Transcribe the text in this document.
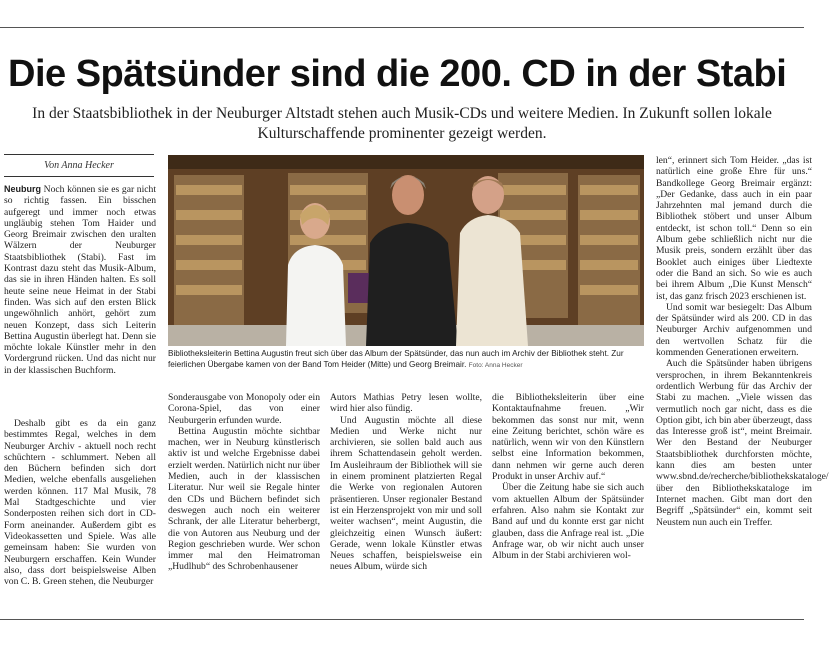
Die Spätsünder sind die 200. CD in der Stabi
In der Staatsbibliothek in der Neuburger Altstadt stehen auch Musik-CDs und weitere Medien. In Zukunft sollen lokale
Kulturschaffende prominenter gezeigt werden.
Von Anna Hecker
Bibliotheksleiterin Bettina Augustin freut sich über das Album der Spätsünder, das nun auch im Archiv der Bibliothek steht. Zur feierlichen Übergabe kamen von der Band Tom Heider (Mitte) und Georg Breimair. Foto: Anna Hecker

Neuburg Noch können sie es gar nicht so richtig fassen. Ein bisschen aufgeregt und immer noch etwas ungläubig stehen Tom Haider und Georg Breimair zwischen den uralten Wälzern der Neuburger Staatsbibliothek (Stabi). Fast im Kontrast dazu steht das Musik-Album, das sie in ihren Händen halten. Es soll heute seine neue Heimat in der Stabi finden. Was sich auf den ersten Blick ungewöhnlich anhört, gehört zum neuen Konzept, dass sich Leiterin Bettina Augustin überlegt hat. Denn sie möchte lokale Künstler mehr in den Vordergrund rücken. Und das nicht nur in der klassischen Buchform.

Deshalb gibt es da ein ganz bestimmtes Regal, welches in dem Neuburger Archiv - aktuell noch recht schüchtern - schlummert. Neben all den Büchern befinden sich dort Medien, welche ebenfalls ausgeliehen werden können. 117 Mal Musik, 78 Mal Stadtgeschichte und vier Sonderposten reihen sich dort in CD-Form aneinander. Außerdem gibt es Videokassetten und Spiele. Was alle gemeinsam haben: Sie wurden von Neuburgern erschaffen. Kein Wunder also, dass dort beispielsweise Alben von C. B. Green stehen, die Neuburger

Sonderausgabe von Monopoly oder ein Corona-Spiel, das von einer Neuburgerin erfunden wurde.

Bettina Augustin möchte sichtbar machen, wer in Neuburg künstlerisch aktiv ist und welche Ergebnisse dabei erzielt werden. Natürlich nicht nur über Medien, auch in der klassischen Literatur. Nur weil sie Regale hinter den CDs und Büchern befindet sich deswegen auch noch ein weiterer Schrank, der alle Literatur beherbergt, die von Autoren aus Neuburg und der Region geschrieben wurde. Wer schon immer mal den Heimatroman „Hudlhub“ des Schrobenhausener

Autors Mathias Petry lesen wollte, wird hier also fündig.

Und Augustin möchte all diese Medien und Werke nicht nur archivieren, sie sollen bald auch aus ihrem Schattendasein geholt werden. Im Ausleihraum der Bibliothek will sie in einem prominent platzierten Regal die Werke von regionalen Autoren präsentieren. Unser regionaler Bestand ist ein Herzensprojekt von mir und soll weiter wachsen“, meint Augustin, die gleichzeitig einen Wunsch äußert: Gerade, wenn lokale Künstler etwas Neues schaffen, beispielsweise ein neues Album, würde sich

die Bibliotheksleiterin über eine Kontaktaufnahme freuen. „Wir bekommen das sonst nur mit, wenn eine Zeitung berichtet, schön wäre es natürlich, wenn wir von den Künstlern selbst eine Information bekommen, dann nehmen wir gerne auch deren Produkt in unser Archiv auf.“

Über die Zeitung habe sie sich auch vom aktuellen Album der Spätsünder erfahren. Also nahm sie Kontakt zur Band auf und du konnte erst gar nicht glauben, dass die Anfrage real ist. „Die Anfrage war, ob wir nicht auch unser Album in der Stabi archivieren wol-

len“, erinnert sich Tom Heider. „das ist natürlich eine große Ehre für uns.“ Bandkollege Georg Breimair ergänzt: „Der Gedanke, dass auch in ein paar Jahrzehnten mal jemand durch die Bibliothek stöbert und unser Album entdeckt, ist schon toll.“ Denn so ein Album gebe schließlich nicht nur die Musik preis, sondern erzählt über das Booklet auch einiges über Liedtexte oder die Band an sich. So wie es auch bei ihrem Album „Die Kunst Mensch“ ist, das ganz frisch 2023 erschienen ist.

Und somit war besiegelt: Das Album der Spätsünder wird als 200. CD in das Neuburger Archiv aufgenommen und den wertvollen Schatz für die kommenden Generationen erweitern.

Auch die Spätsünder haben übrigens versprochen, in ihrem Bekanntenkreis ordentlich Werbung für das Archiv der Stabi zu machen. „Viele wissen das vermutlich noch gar nicht, dass es die Option gibt, ich bin aber überzeugt, dass das Interesse groß ist“, meint Breimair. Wer den Bestand der Neuburger Staatsbibliothek durchforsten möchte, kann dies am besten unter www.sbnd.de/recherche/bibliothekskataloge/ über den Bibliothekskataloge im Internet machen. Gibt man dort den Begriff „Spätsünder“ ein, kommt seit Neustem nun auch ein Treffer.
